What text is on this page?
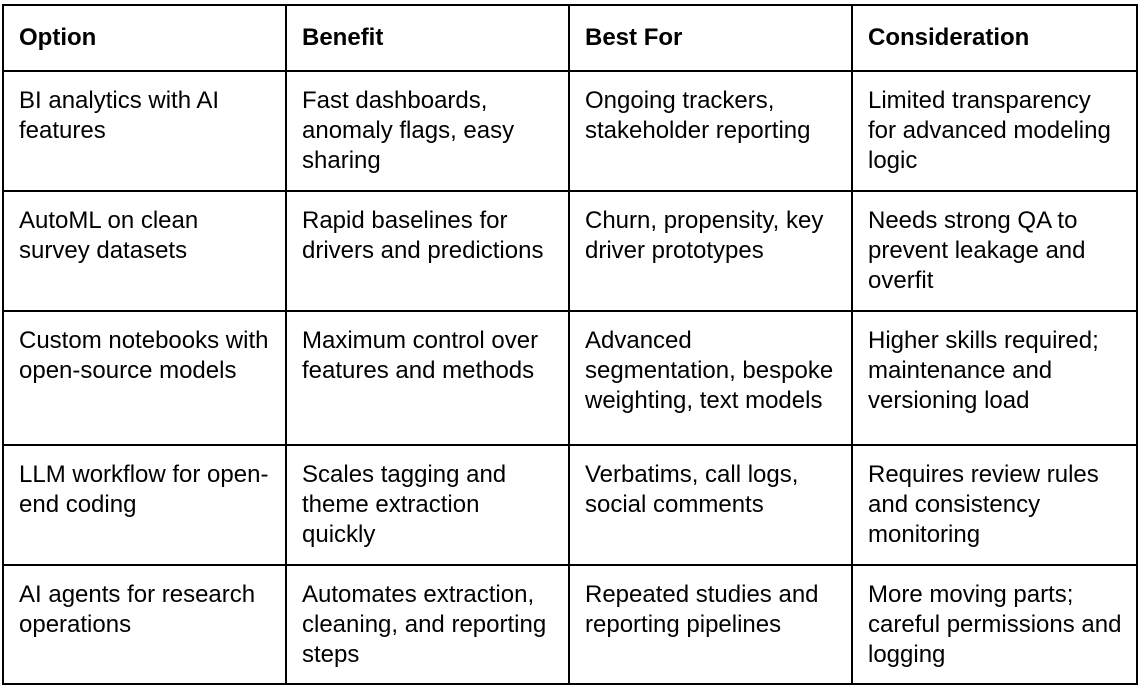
Option	Benefit	Best For	Consideration
BI analytics with AI features	Fast dashboards, anomaly flags, easy sharing	Ongoing trackers, stakeholder reporting	Limited transparency for advanced modeling logic
AutoML on clean survey datasets	Rapid baselines for drivers and predictions	Churn, propensity, key driver prototypes	Needs strong QA to prevent leakage and overfit
Custom notebooks with open-source models	Maximum control over features and methods	Advanced segmentation, bespoke weighting, text models	Higher skills required; maintenance and versioning load
LLM workflow for open-end coding	Scales tagging and theme extraction quickly	Verbatims, call logs, social comments	Requires review rules and consistency monitoring
AI agents for research operations	Automates extraction, cleaning, and reporting steps	Repeated studies and reporting pipelines	More moving parts; careful permissions and logging
